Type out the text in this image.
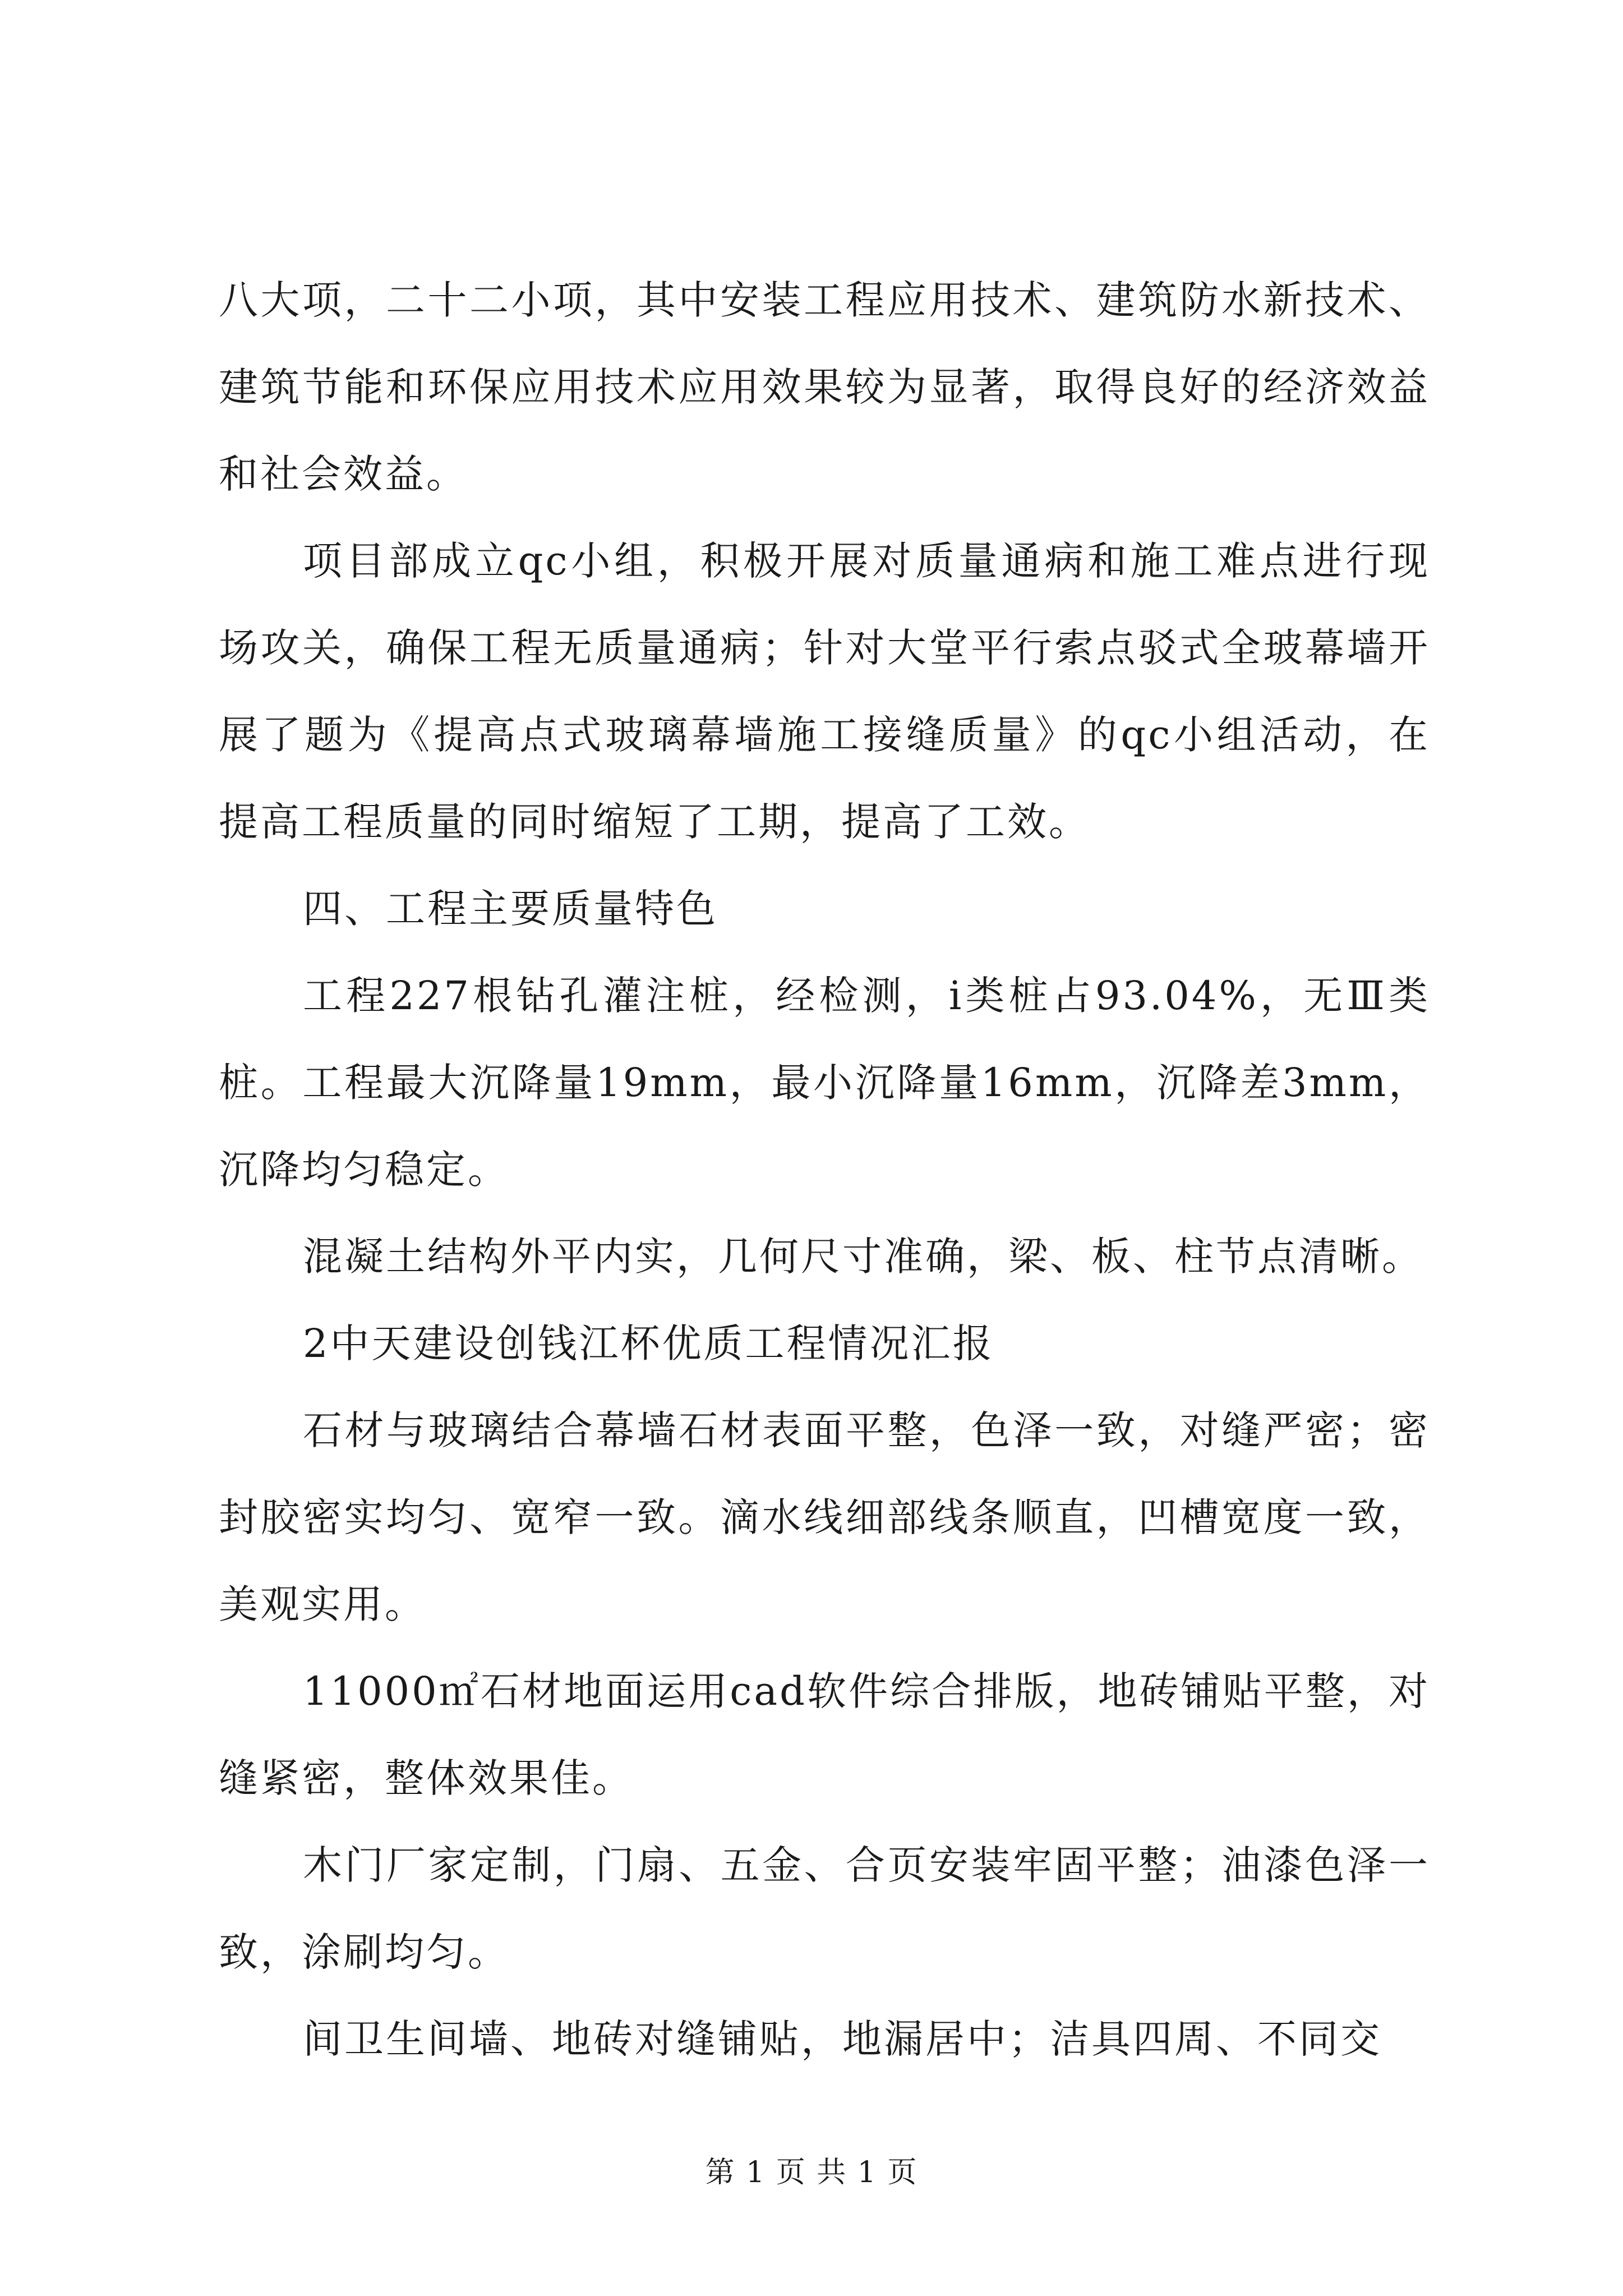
八大项，二十二小项，其中安装工程应用技术、建筑防水新技术、建筑节能和环保应用技术应用效果较为显著，取得良好的经济效益和社会效益。

项目部成立qc小组，积极开展对质量通病和施工难点进行现场攻关，确保工程无质量通病；针对大堂平行索点驳式全玻幕墙开展了题为《提高点式玻璃幕墙施工接缝质量》的qc小组活动，在提高工程质量的同时缩短了工期，提高了工效。

四、工程主要质量特色

工程227根钻孔灌注桩，经检测，i类桩占93.04%，无Ⅲ类桩。工程最大沉降量19mm，最小沉降量16mm，沉降差3mm，沉降均匀稳定。

混凝土结构外平内实，几何尺寸准确，梁、板、柱节点清晰。

2中天建设创钱江杯优质工程情况汇报

石材与玻璃结合幕墙石材表面平整，色泽一致，对缝严密；密封胶密实均匀、宽窄一致。滴水线细部线条顺直，凹槽宽度一致，美观实用。

11000㎡石材地面运用cad软件综合排版，地砖铺贴平整，对缝紧密，整体效果佳。

木门厂家定制，门扇、五金、合页安装牢固平整；油漆色泽一致，涂刷均匀。

间卫生间墙、地砖对缝铺贴，地漏居中；洁具四周、不同交

第 1 页 共 1 页
